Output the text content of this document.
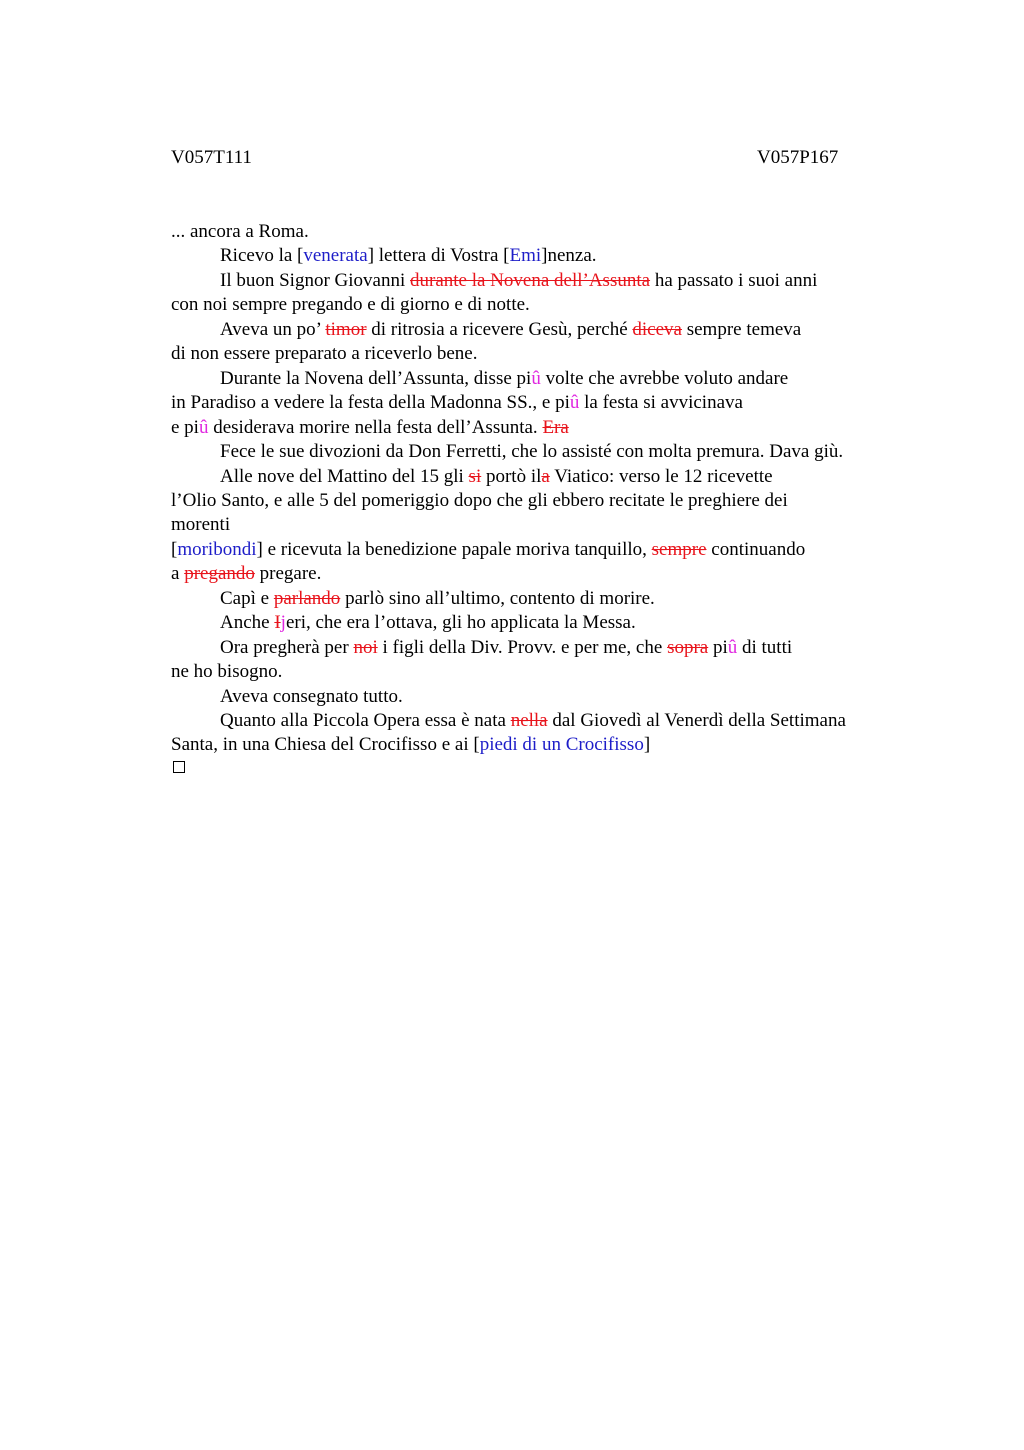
V057T111	V057P167
... ancora a Roma.
Ricevo la [venerata] lettera di Vostra [Emi]nenza.
Il buon Signor Giovanni durante la Novena dell’Assunta ha passato i suoi anni
con noi sempre pregando e di giorno e di notte.
Aveva un po’ timor di ritrosia a ricevere Gesù, perché diceva sempre temeva
di non essere preparato a riceverlo bene.
Durante la Novena dell’Assunta, disse piû volte che avrebbe voluto andare
in Paradiso a vedere la festa della Madonna SS., e piû la festa si avvicinava
e piû desiderava morire nella festa dell’Assunta. Era
Fece le sue divozioni da Don Ferretti, che lo assisté con molta premura. Dava giù.
Alle nove del Mattino del 15 gli si portò ila Viatico: verso le 12 ricevette
l’Olio Santo, e alle 5 del pomeriggio dopo che gli ebbero recitate le preghiere dei
morenti
[moribondi] e ricevuta la benedizione papale moriva tanquillo, sempre continuando
a pregando pregare.
Capì e parlando parlò sino all’ultimo, contento di morire.
Anche Ijeri, che era l’ottava, gli ho applicata la Messa.
Ora pregherà per noi i figli della Div. Provv. e per me, che sopra piû di tutti
ne ho bisogno.
Aveva consegnato tutto.
Quanto alla Piccola Opera essa è nata nella dal Giovedì al Venerdì della Settimana
Santa, in una Chiesa del Crocifisso e ai [piedi di un Crocifisso]
